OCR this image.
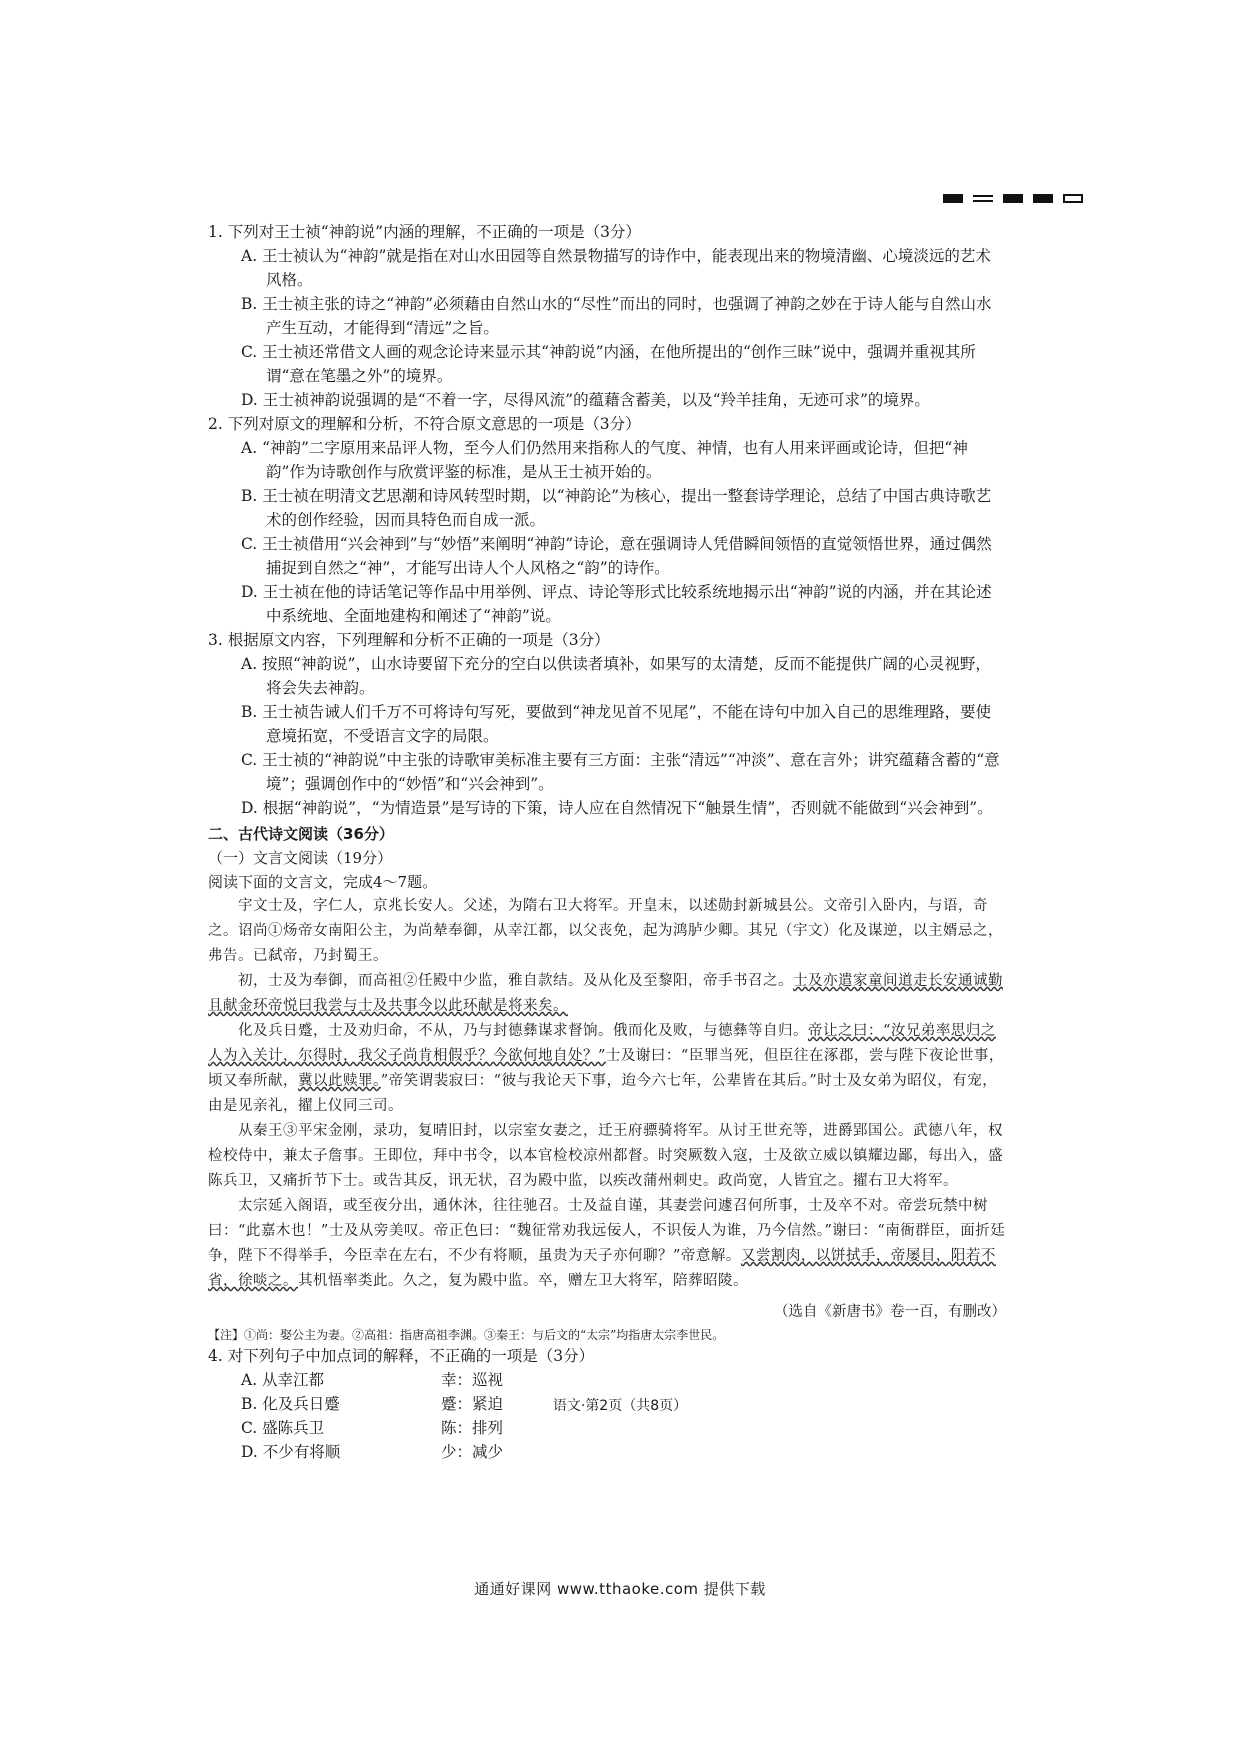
1. 下列对王士祯“神韵说”内涵的理解，不正确的一项是（3分）

A. 王士祯认为“神韵”就是指在对山水田园等自然景物描写的诗作中，能表现出来的物境清幽、心境淡远的艺术风格。

B. 王士祯主张的诗之“神韵”必须藉由自然山水的“尽性”而出的同时，也强调了神韵之妙在于诗人能与自然山水产生互动，才能得到“清远”之旨。

C. 王士祯还常借文人画的观念论诗来显示其“神韵说”内涵，在他所提出的“创作三昧”说中，强调并重视其所谓“意在笔墨之外”的境界。

D. 王士祯神韵说强调的是“不着一字，尽得风流”的蕴藉含蓄美，以及“羚羊挂角，无迹可求”的境界。

2. 下列对原文的理解和分析，不符合原文意思的一项是（3分）

A. “神韵”二字原用来品评人物，至今人们仍然用来指称人的气度、神情，也有人用来评画或论诗，但把“神韵”作为诗歌创作与欣赏评鉴的标准，是从王士祯开始的。

B. 王士祯在明清文艺思潮和诗风转型时期，以“神韵论”为核心，提出一整套诗学理论，总结了中国古典诗歌艺术的创作经验，因而具特色而自成一派。

C. 王士祯借用“兴会神到”与“妙悟”来阐明“神韵”诗论，意在强调诗人凭借瞬间领悟的直觉领悟世界，通过偶然捕捉到自然之“神”，才能写出诗人个人风格之“韵”的诗作。

D. 王士祯在他的诗话笔记等作品中用举例、评点、诗论等形式比较系统地揭示出“神韵”说的内涵，并在其论述中系统地、全面地建构和阐述了“神韵”说。

3. 根据原文内容，下列理解和分析不正确的一项是（3分）

A. 按照“神韵说”，山水诗要留下充分的空白以供读者填补，如果写的太清楚，反而不能提供广阔的心灵视野，将会失去神韵。

B. 王士祯告诫人们千万不可将诗句写死，要做到“神龙见首不见尾”，不能在诗句中加入自己的思维理路，要使意境拓宽，不受语言文字的局限。

C. 王士祯的“神韵说”中主张的诗歌审美标准主要有三方面：主张“清远”“冲淡”、意在言外；讲究蕴藉含蓄的“意境”；强调创作中的“妙悟”和“兴会神到”。

D. 根据“神韵说”，“为情造景”是写诗的下策，诗人应在自然情况下“触景生情”，否则就不能做到“兴会神到”。

二、古代诗文阅读（36分）

（一）文言文阅读（19分）

阅读下面的文言文，完成4～7题。

宇文士及，字仁人，京兆长安人。父述，为隋右卫大将军。开皇末，以述勋封新城县公。文帝引入卧内，与语，奇之。诏尚①炀帝女南阳公主，为尚辇奉御，从幸江都，以父丧免，起为鸿胪少卿。其兄（宇文）化及谋逆，以主婿忌之，弗告。已弑帝，乃封蜀王。

初，士及为奉御，而高祖②任殿中少监，雅自款结。及从化及至黎阳，帝手书召之。士及亦遣家童间道走长安通诚勤且献金环帝悦曰我尝与士及共事今以此环献是将来矣。

化及兵日蹙，士及劝归命，不从，乃与封德彝谋求督饷。俄而化及败，与德彝等自归。帝让之曰：“汝兄弟率思归之人为入关计，尔得时，我父子尚肯相假乎？今欲何地自处？”士及谢曰：“臣罪当死，但臣往在涿郡，尝与陛下夜论世事，顷又奉所献，冀以此赎罪。”帝笑谓裴寂曰：“彼与我论天下事，迨今六七年，公辈皆在其后。”时士及女弟为昭仪，有宠，由是见亲礼，擢上仪同三司。

从秦王③平宋金刚，录功，复晴旧封，以宗室女妻之，迁王府骠骑将军。从讨王世充等，进爵郢国公。武德八年，权检校侍中，兼太子詹事。王即位，拜中书令，以本官检校凉州都督。时突厥数入寇，士及欲立威以镇耀边鄙，每出入，盛陈兵卫，又痛折节下士。或告其反，讯无状，召为殿中监，以疾改蒲州刺史。政尚宽，人皆宜之。擢右卫大将军。

太宗延入阁语，或至夜分出，通休沐，往往驰召。士及益自谨，其妻尝问遽召何所事，士及卒不对。帝尝玩禁中树曰：“此嘉木也！”士及从旁美叹。帝正色曰：“魏征常劝我远佞人，不识佞人为谁，乃今信然。”谢曰：“南衙群臣，面折廷争，陛下不得举手，今臣幸在左右，不少有将顺，虽贵为天子亦何聊？”帝意解。又尝割肉，以饼拭手，帝屡目，阳若不省，徐啖之。其机悟率类此。久之，复为殿中监。卒，赠左卫大将军，陪葬昭陵。

（选自《新唐书》卷一百，有删改）

【注】①尚：娶公主为妻。②高祖：指唐高祖李渊。③秦王：与后文的“太宗”均指唐太宗李世民。

4. 对下列句子中加点词的解释，不正确的一项是（3分）

A. 从幸江都	幸：巡视
B. 化及兵日蹙	蹙：紧迫
C. 盛陈兵卫	陈：排列
D. 不少有将顺	少：减少
语文·第2页（共8页）
通通好课网 www.tthaoke.com 提供下载
